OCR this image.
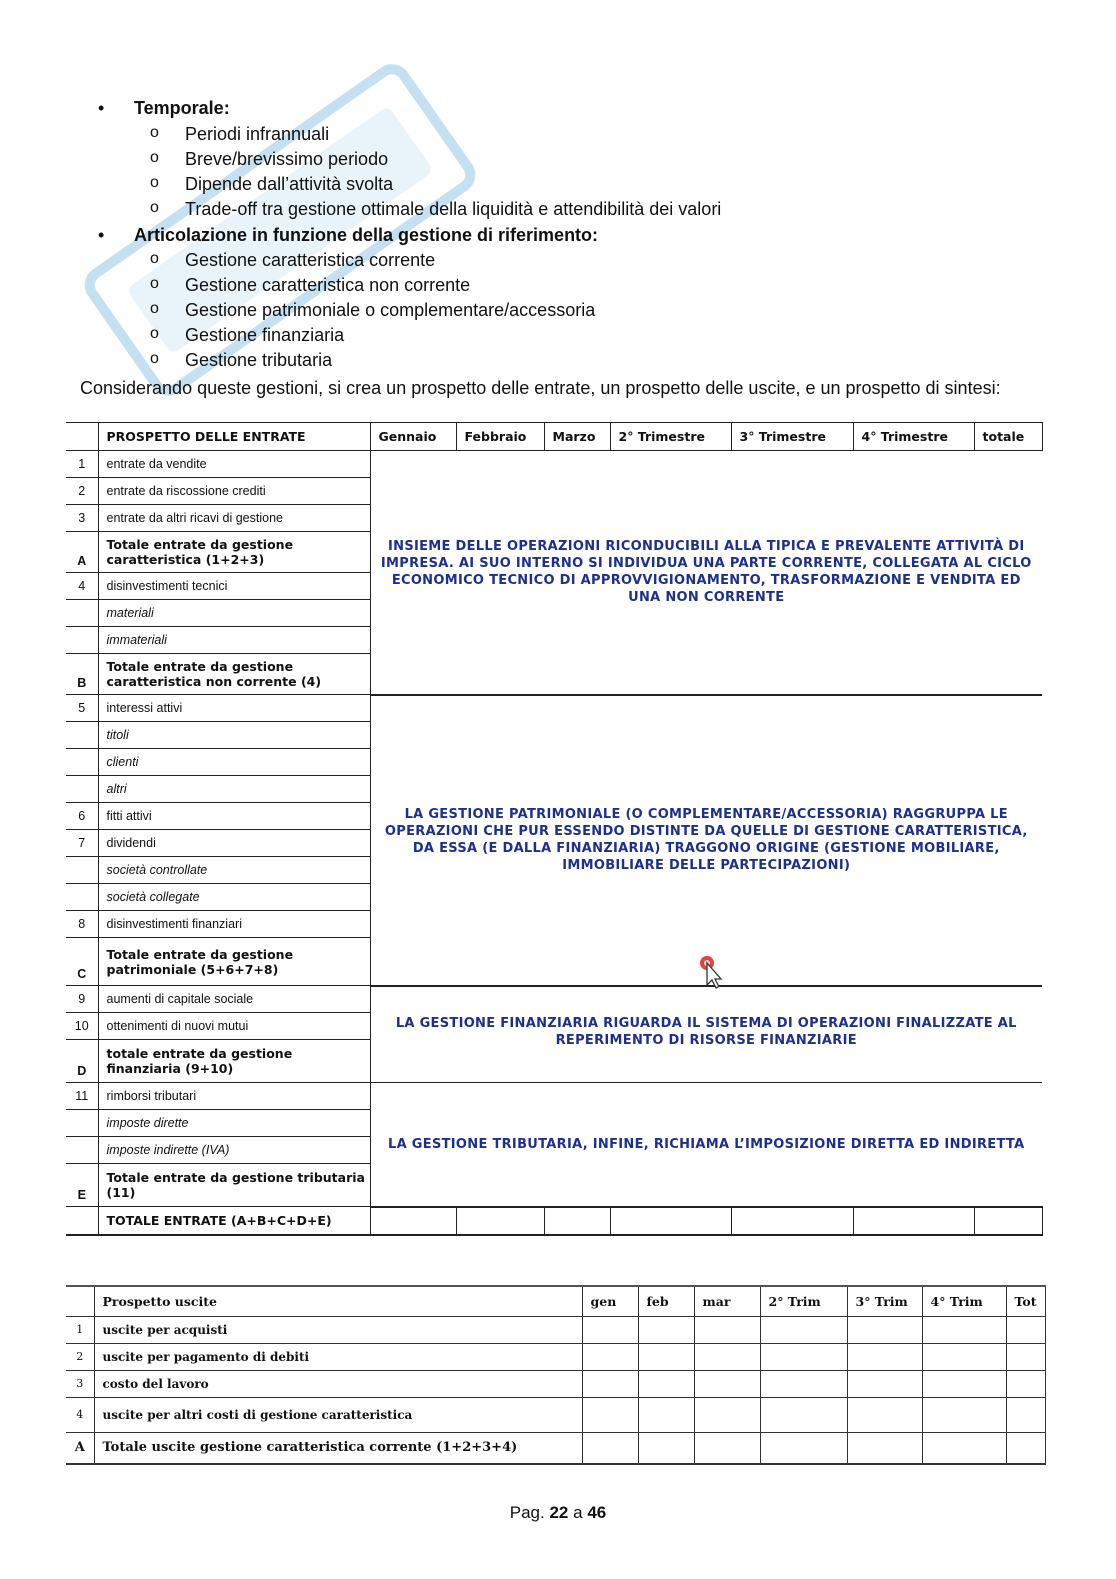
• Temporale:
o Periodi infrannuali
o Breve/brevissimo periodo
o Dipende dall’attività svolta
o Trade-off tra gestione ottimale della liquidità e attendibilità dei valori
• Articolazione in funzione della gestione di riferimento:
o Gestione caratteristica corrente
o Gestione caratteristica non corrente
o Gestione patrimoniale o complementare/accessoria
o Gestione finanziaria
o Gestione tributaria
Considerando queste gestioni, si crea un prospetto delle entrate, un prospetto delle uscite, e un prospetto di sintesi:
	PROSPETTO DELLE ENTRATE	Gennaio	Febbraio	Marzo	2° Trimestre	3° Trimestre	4° Trimestre	totale
1	entrate da vendite	INSIEME DELLE OPERAZIONI RICONDUCIBILI ALLA TIPICA E PREVALENTE ATTIVITÀ DI IMPRESA. AI SUO INTERNO SI INDIVIDUA UNA PARTE CORRENTE, COLLEGATA AL CICLO ECONOMICO TECNICO DI APPROVVIGIONAMENTO, TRASFORMAZIONE E VENDITA ED UNA NON CORRENTE						
2	entrate da riscossione crediti							
3	entrate da altri ricavi di gestione							
A	Totale entrate da gestione caratteristica (1+2+3)							
4	disinvestimenti tecnici							
	materiali							
	immateriali							
B	Totale entrate da gestione caratteristica non corrente (4)							
5	interessi attivi	LA GESTIONE PATRIMONIALE (O COMPLEMENTARE/ACCESSORIA) RAGGRUPPA LE OPERAZIONI CHE PUR ESSENDO DISTINTE DA QUELLE DI GESTIONE CARATTERISTICA, DA ESSA (E DALLA FINANZIARIA) TRAGGONO ORIGINE (GESTIONE MOBILIARE, IMMOBILIARE DELLE PARTECIPAZIONI)						
	titoli							
	clienti							
	altri							
6	fitti attivi							
7	dividendi							
	società controllate							
	società collegate							
8	disinvestimenti finanziari							
C	Totale entrate da gestione patrimoniale (5+6+7+8)							
9	aumenti di capitale sociale	LA GESTIONE FINANZIARIA RIGUARDA IL SISTEMA DI OPERAZIONI FINALIZZATE AL REPERIMENTO DI RISORSE FINANZIARIE						
10	ottenimenti di nuovi mutui							
D	totale entrate da gestione finanziaria (9+10)							
11	rimborsi tributari	LA GESTIONE TRIBUTARIA, INFINE, RICHIAMA L’IMPOSIZIONE DIRETTA ED INDIRETTA						
	imposte dirette							
	imposte indirette (IVA)							
E	Totale entrate da gestione tributaria (11)							
	TOTALE ENTRATE (A+B+C+D+E)							
	Prospetto uscite	gen	feb	mar	2° Trim	3° Trim	4° Trim	Tot
1	uscite per acquisti							
2	uscite per pagamento di debiti							
3	costo del lavoro							
4	uscite per altri costi di gestione caratteristica							
A	Totale uscite gestione caratteristica corrente (1+2+3+4)							
Pag. 22 a 46
